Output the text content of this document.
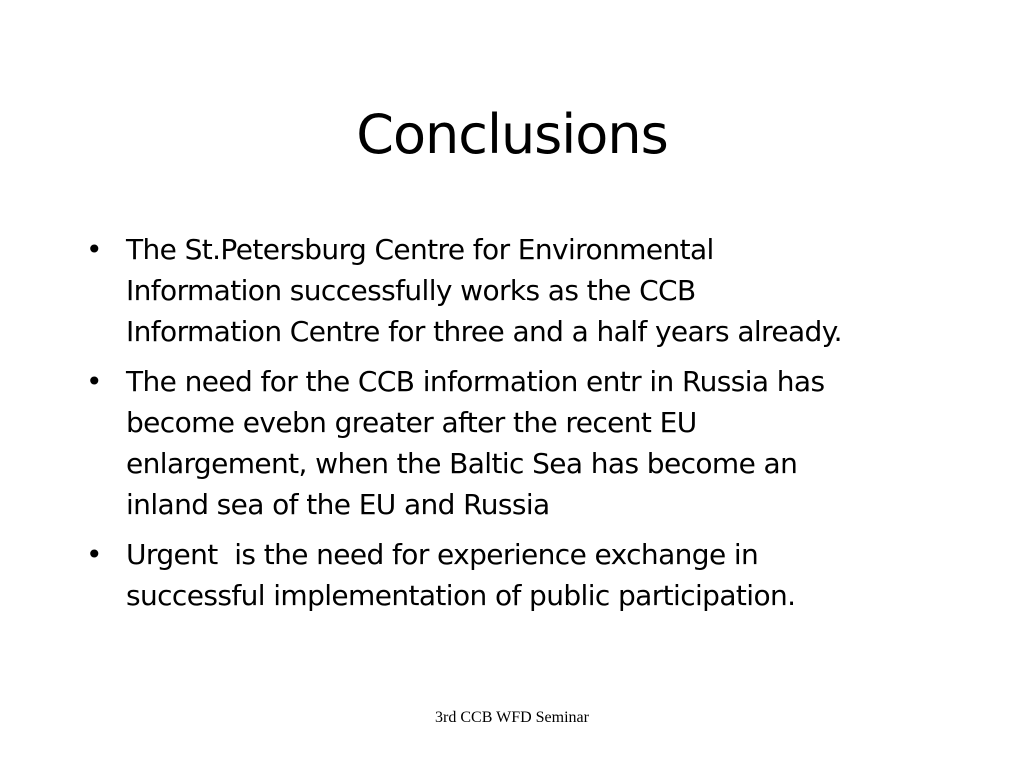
Conclusions
• The St.Petersburg Centre for Environmental
Information successfully works as the CCB
Information Centre for three and a half years already.
• The need for the CCB information entr in Russia has
become evebn greater after the recent EU
enlargement, when the Baltic Sea has become an
inland sea of the EU and Russia
• Urgent  is the need for experience exchange in
successful implementation of public participation.
3rd CCB WFD Seminar
